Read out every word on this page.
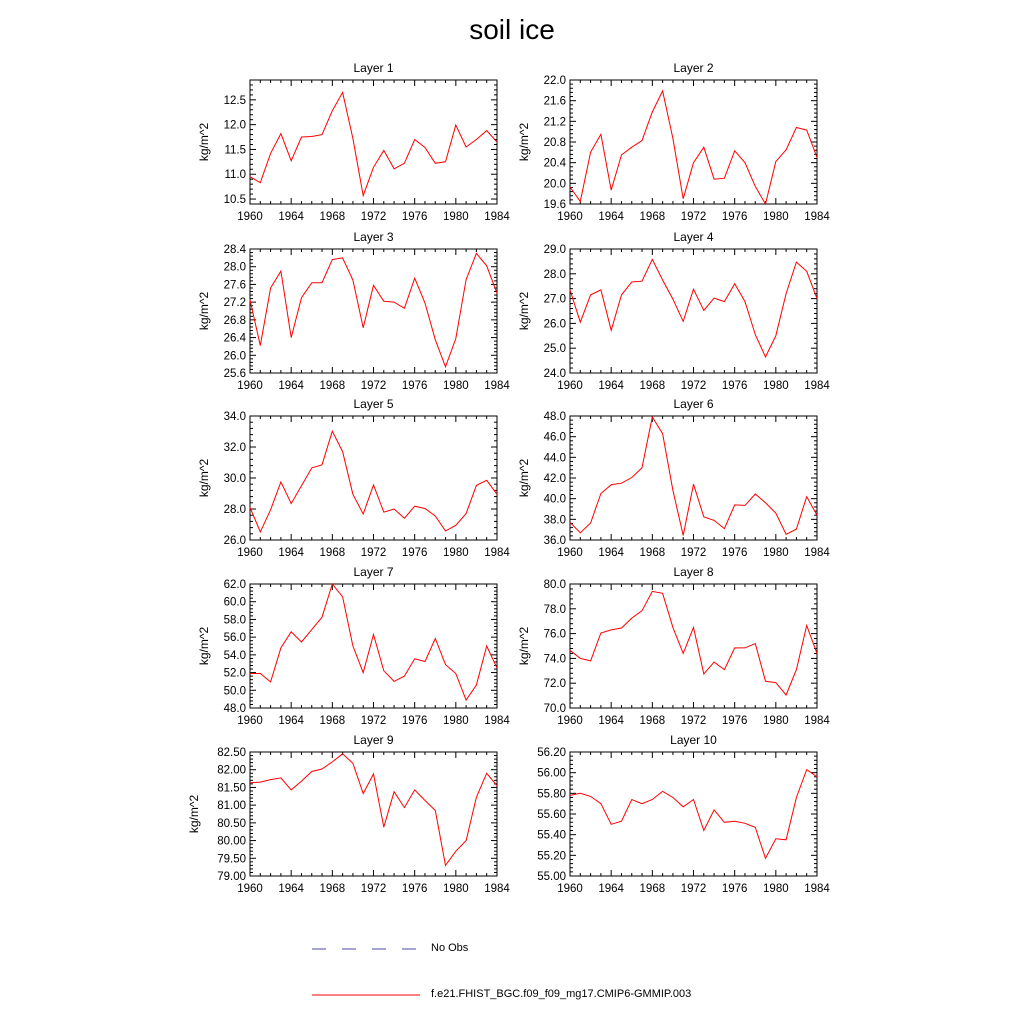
soil ice
Layer 1
1960 1964 1968 1972 1976 1980 1984
10.5
11.0
11.5
12.0
12.5
kg/m^2
Layer 2
1960 1964 1968 1972 1976 1980 1984
19.6
20.0
20.4
20.8
21.2
21.6
22.0
kg/m^2
Layer 3
1960 1964 1968 1972 1976 1980 1984
25.6
26.0
26.4
26.8
27.2
27.6
28.0
28.4
kg/m^2
Layer 4
1960 1964 1968 1972 1976 1980 1984
24.0
25.0
26.0
27.0
28.0
29.0
kg/m^2
Layer 5
1960 1964 1968 1972 1976 1980 1984
26.0
28.0
30.0
32.0
34.0
kg/m^2
Layer 6
1960 1964 1968 1972 1976 1980 1984
36.0
38.0
40.0
42.0
44.0
46.0
48.0
kg/m^2
Layer 7
1960 1964 1968 1972 1976 1980 1984
48.0
50.0
52.0
54.0
56.0
58.0
60.0
62.0
kg/m^2
Layer 8
1960 1964 1968 1972 1976 1980 1984
70.0
72.0
74.0
76.0
78.0
80.0
kg/m^2
Layer 9
1960 1964 1968 1972 1976 1980 1984
79.00
79.50
80.00
80.50
81.00
81.50
82.00
82.50
kg/m^2
Layer 10
1960 1964 1968 1972 1976 1980 1984
55.00
55.20
55.40
55.60
55.80
56.00
56.20
No Obs
f.e21.FHIST_BGC.f09_f09_mg17.CMIP6-GMMIP.003
